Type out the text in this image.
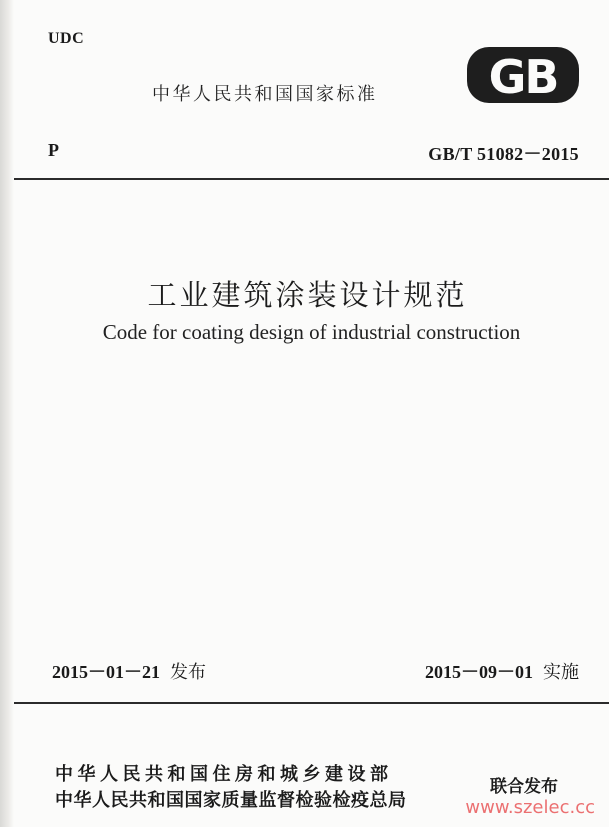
UDC
中华人民共和国国家标准 GB
P	GB/T 51082－2015
工业建筑涂装设计规范
Code for coating design of industrial construction
2015－01－21 发布	2015－09－01 实施
中华人民共和国住房和城乡建设部
中华人民共和国国家质量监督检验检疫总局
联合发布
www.szelec.cc
